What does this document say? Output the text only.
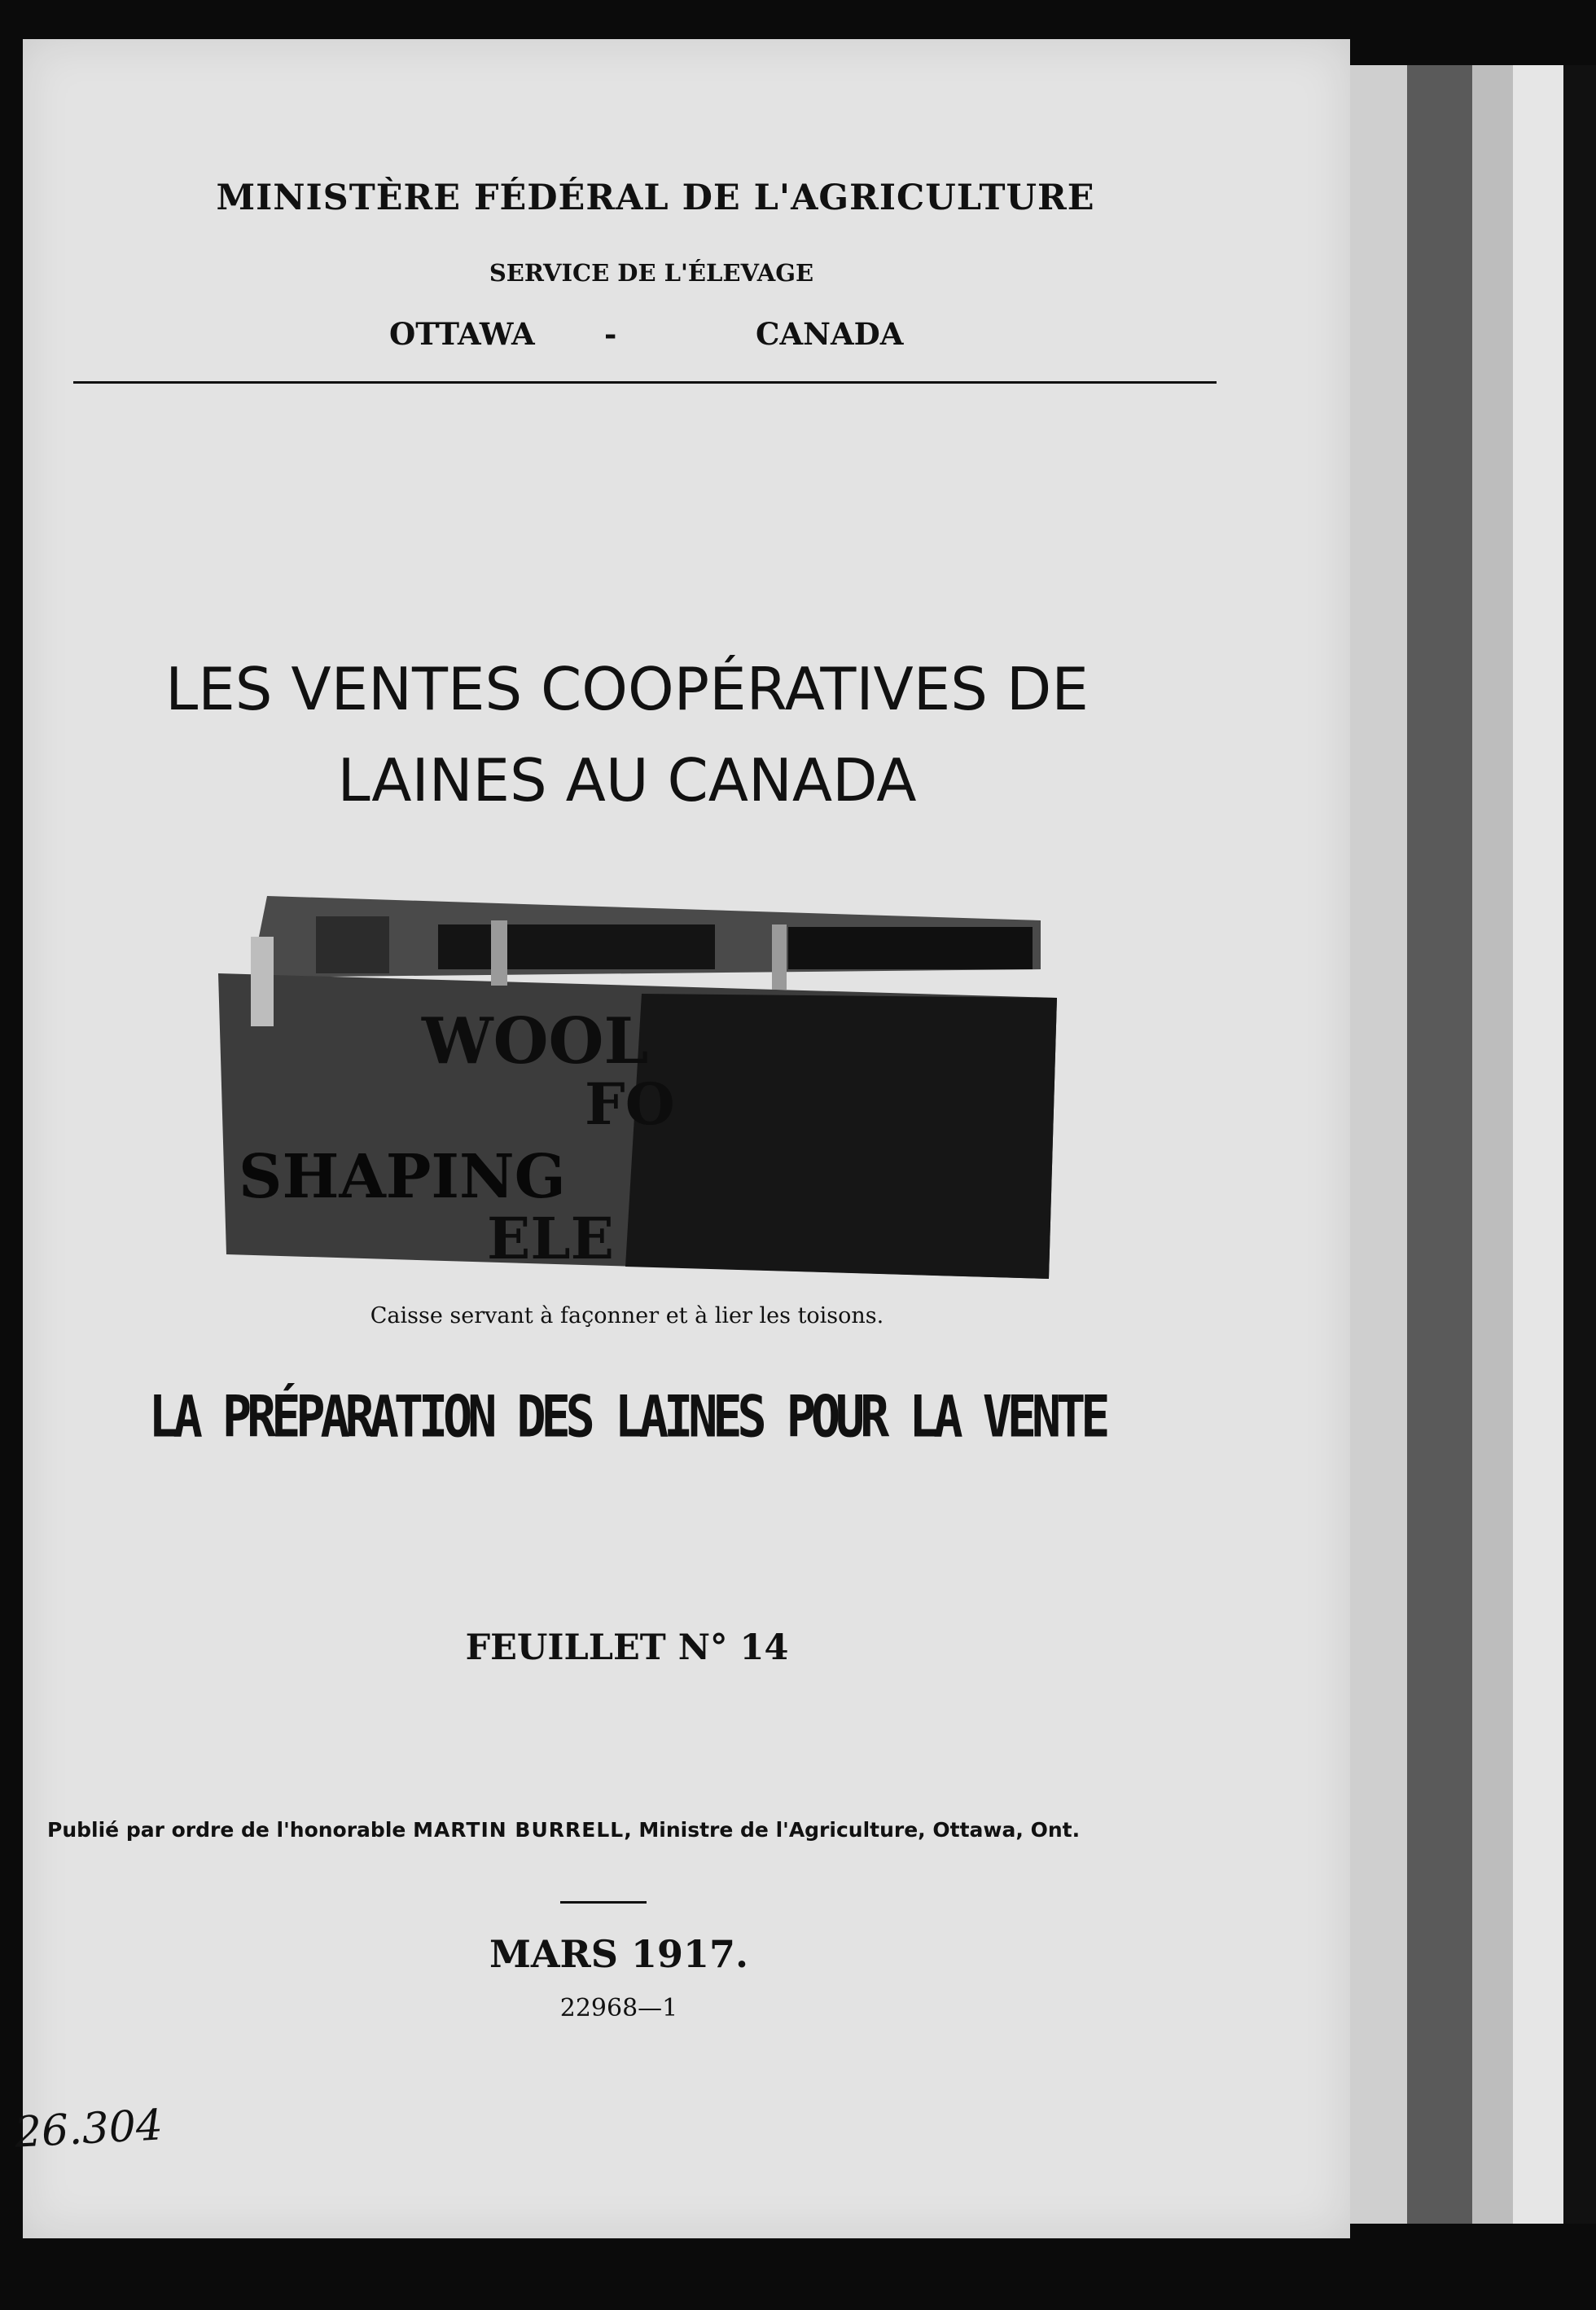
MINISTÈRE FÉDÉRAL DE L'AGRICULTURE
SERVICE DE L'ÉLEVAGE
OTTAWA -	CANADA
LES VENTES COOPÉRATIVES DE
LAINES AU CANADA
WOOL
FO
SHAPING
ELE
Caisse servant à façonner et à lier les toisons.
LA PRÉPARATION DES LAINES POUR LA VENTE
FEUILLET N° 14
Publié par ordre de l'honorable MARTIN BURRELL, Ministre de l'Agriculture, Ottawa, Ont.
MARS 1917.
22968—1
26.304
